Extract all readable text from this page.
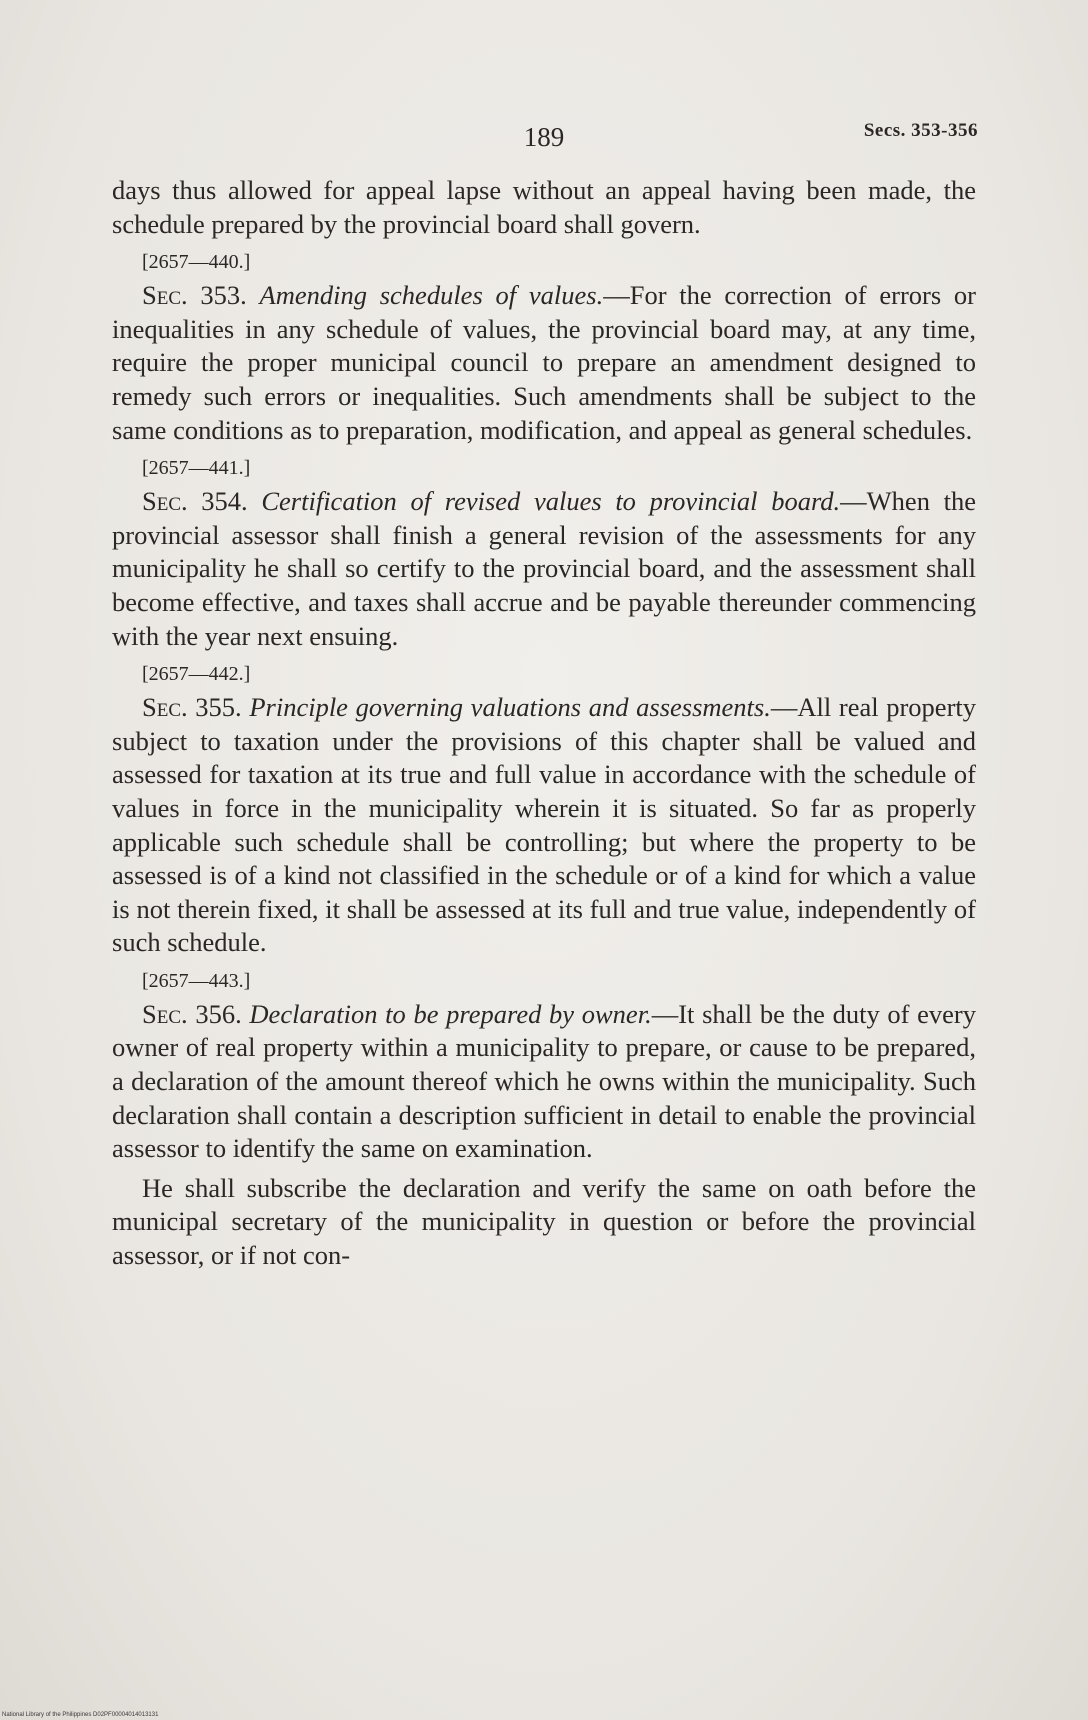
189	Secs. 353-356

days thus allowed for appeal lapse without an appeal having been made, the schedule prepared by the provincial board shall govern.

[2657—440.]

Sec. 353. Amending schedules of values.—For the correction of errors or inequalities in any schedule of values, the provincial board may, at any time, require the proper municipal council to prepare an amendment designed to remedy such errors or inequalities. Such amendments shall be subject to the same conditions as to preparation, modification, and appeal as general schedules.

[2657—441.]

Sec. 354. Certification of revised values to provincial board.—When the provincial assessor shall finish a general revision of the assessments for any municipality he shall so certify to the provincial board, and the assessment shall become effective, and taxes shall accrue and be payable thereunder commencing with the year next ensuing.

[2657—442.]

Sec. 355. Principle governing valuations and assessments.—All real property subject to taxation under the provisions of this chapter shall be valued and assessed for taxation at its true and full value in accordance with the schedule of values in force in the municipality wherein it is situated. So far as properly applicable such schedule shall be controlling; but where the property to be assessed is of a kind not classified in the schedule or of a kind for which a value is not therein fixed, it shall be assessed at its full and true value, independently of such schedule.

[2657—443.]

Sec. 356. Declaration to be prepared by owner.—It shall be the duty of every owner of real property within a municipality to prepare, or cause to be prepared, a declaration of the amount thereof which he owns within the municipality. Such declaration shall contain a description sufficient in detail to enable the provincial assessor to identify the same on examination.

He shall subscribe the declaration and verify the same on oath before the municipal secretary of the municipality in question or before the provincial assessor, or if not con-

National Library of the Philippines D02PF00004014013131
